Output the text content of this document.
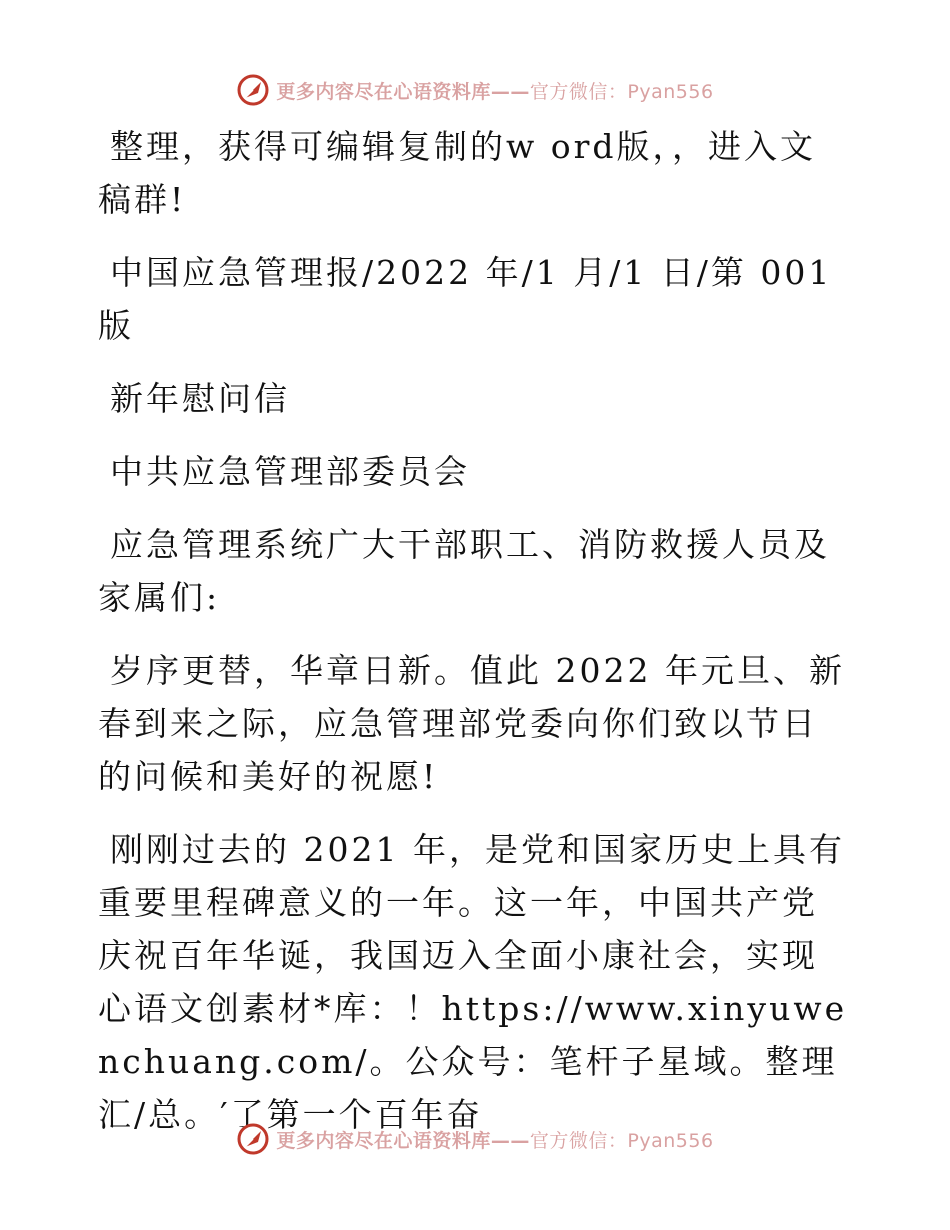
更多内容尽在心语资料库——官方微信：Pyan556

整理，获得可编辑复制的w ord版，，进入文稿群!

中国应急管理报/2022 年/1 月/1 日/第 001 版

新年慰问信

中共应急管理部委员会

应急管理系统广大干部职工、消防救援人员及家属们:

岁序更替，华章日新。值此 2022 年元旦、新春到来之际，应急管理部党委向你们致以节日的问候和美好的祝愿!

刚刚过去的 2021 年，是党和国家历史上具有重要里程碑意义的一年。这一年，中国共产党庆祝百年华诞，我国迈入全面小康社会，实现心语文创素材*库：！https://www.xinyuwenchuang.com/。公众号：笔杆子星域。整理汇/总。′了第一个百年奋

更多内容尽在心语资料库——官方微信：Pyan556
